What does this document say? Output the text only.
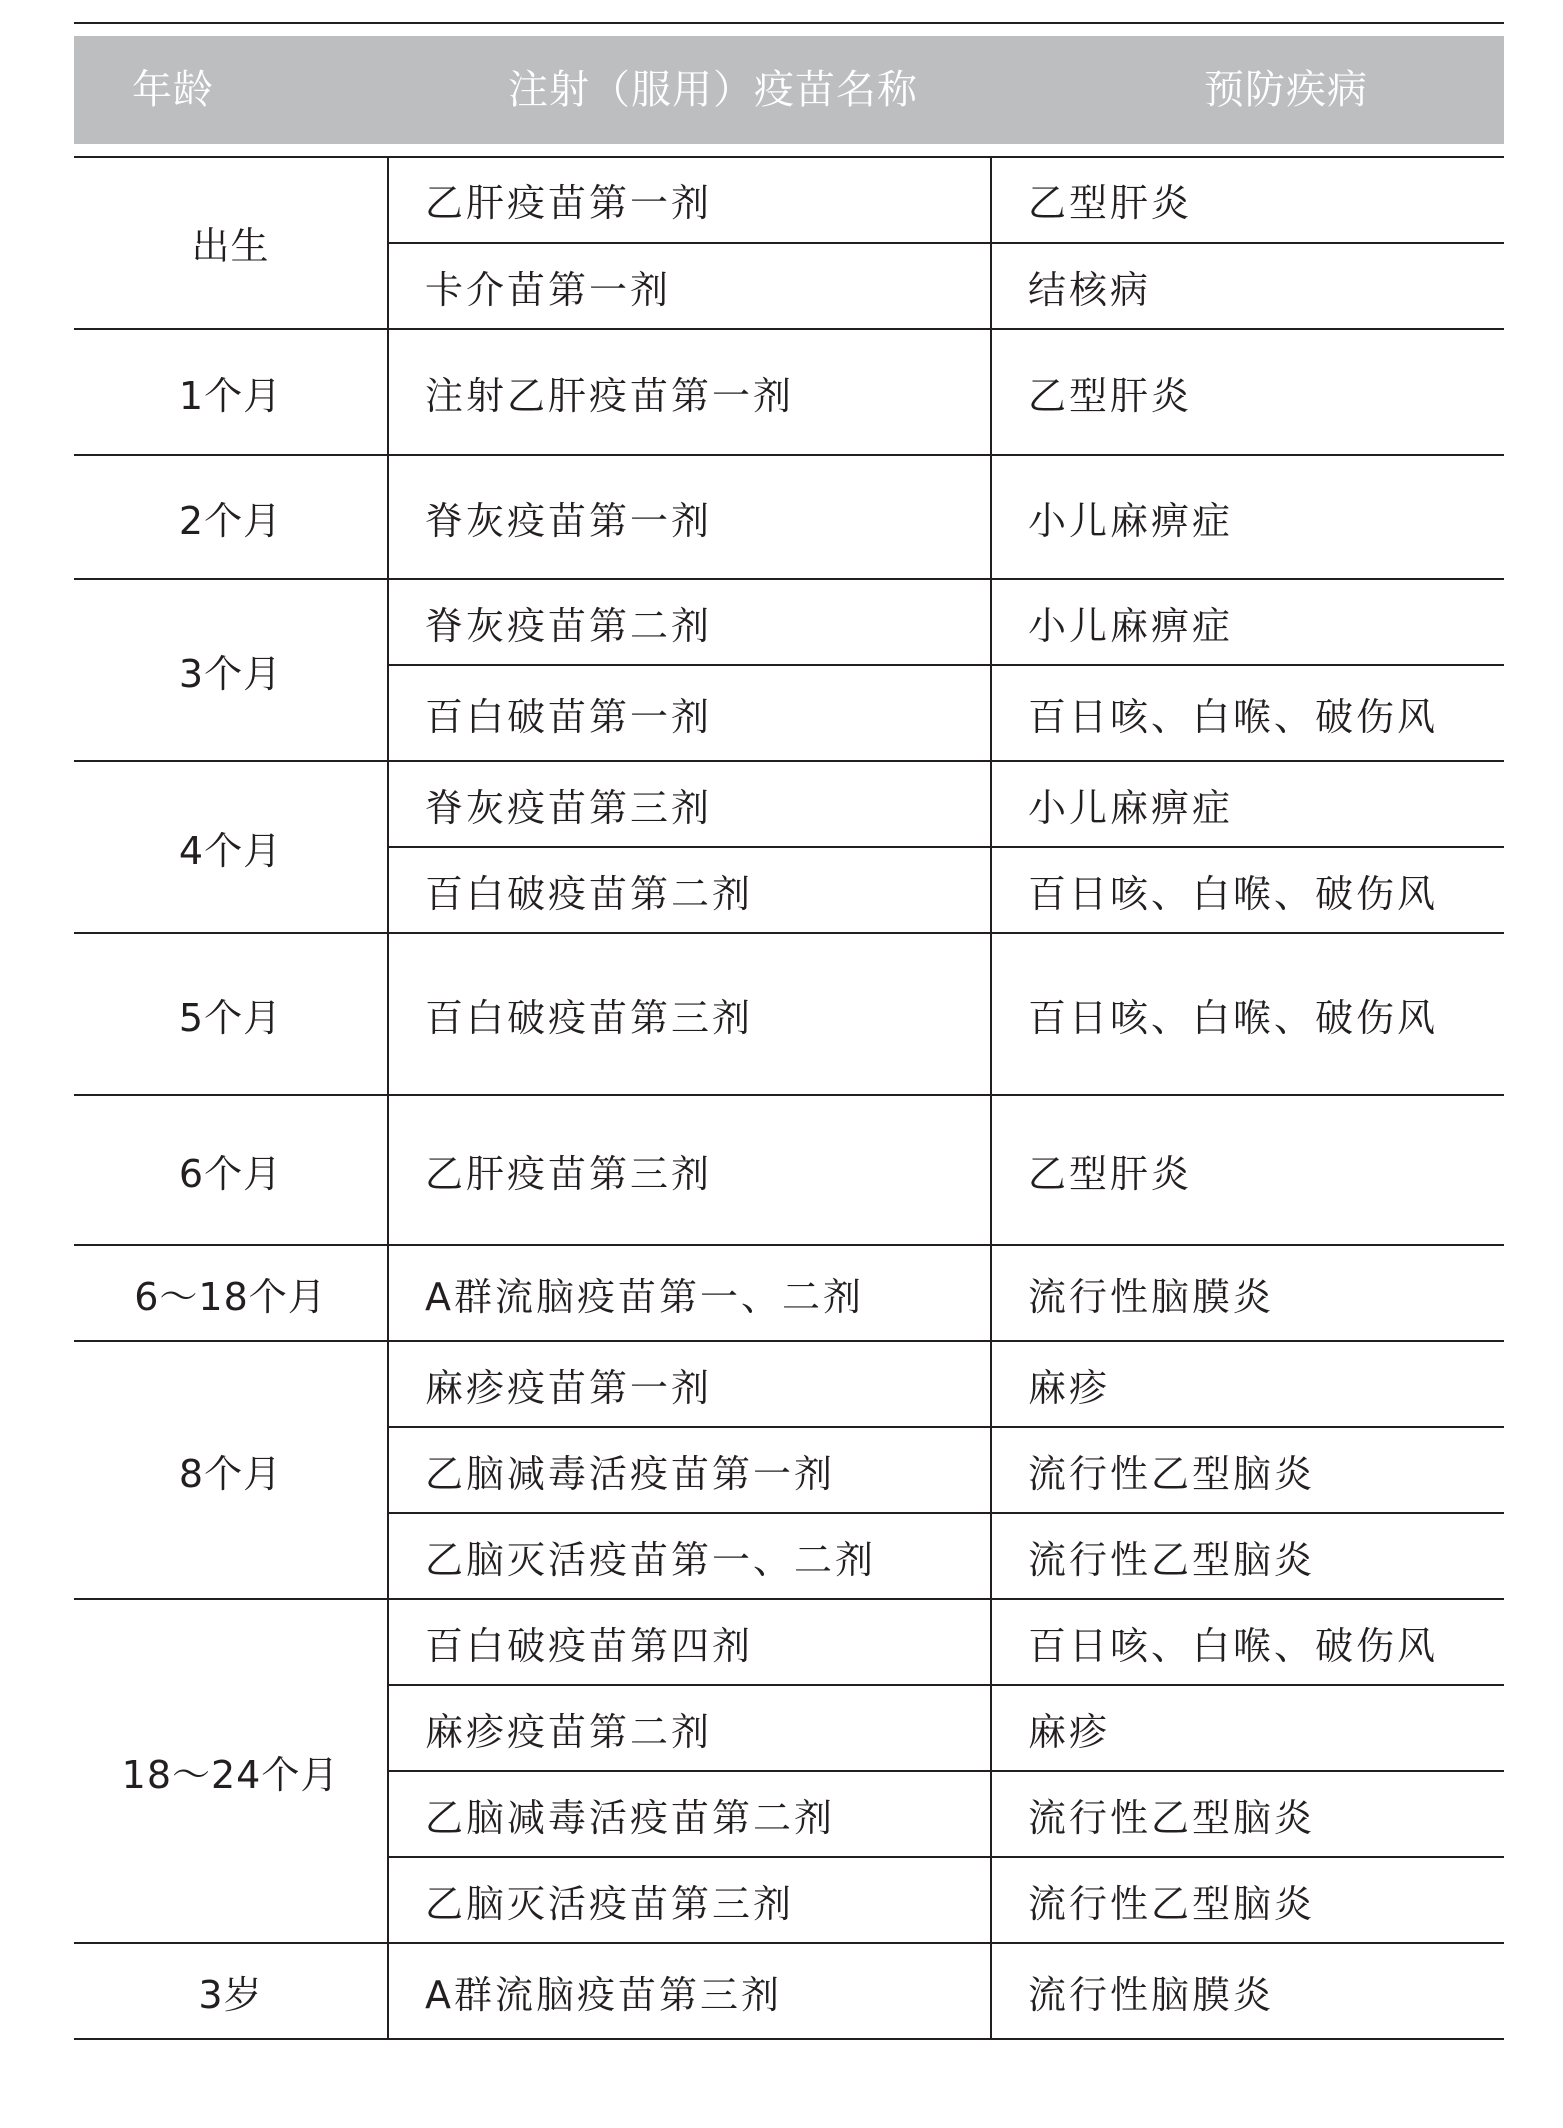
年龄	注射（服用）疫苗名称	预防疾病
出生	乙肝疫苗第一剂	乙型肝炎
	卡介苗第一剂	结核病
1个月	注射乙肝疫苗第一剂	乙型肝炎
2个月	脊灰疫苗第一剂	小儿麻痹症
3个月	脊灰疫苗第二剂	小儿麻痹症
	百白破苗第一剂	百日咳、白喉、破伤风
4个月	脊灰疫苗第三剂	小儿麻痹症
	百白破疫苗第二剂	百日咳、白喉、破伤风
5个月	百白破疫苗第三剂	百日咳、白喉、破伤风
6个月	乙肝疫苗第三剂	乙型肝炎
6～18个月	A群流脑疫苗第一、二剂	流行性脑膜炎
8个月	麻疹疫苗第一剂	麻疹
	乙脑减毒活疫苗第一剂	流行性乙型脑炎
	乙脑灭活疫苗第一、二剂	流行性乙型脑炎
18～24个月	百白破疫苗第四剂	百日咳、白喉、破伤风
	麻疹疫苗第二剂	麻疹
	乙脑减毒活疫苗第二剂	流行性乙型脑炎
	乙脑灭活疫苗第三剂	流行性乙型脑炎
3岁	A群流脑疫苗第三剂	流行性脑膜炎
